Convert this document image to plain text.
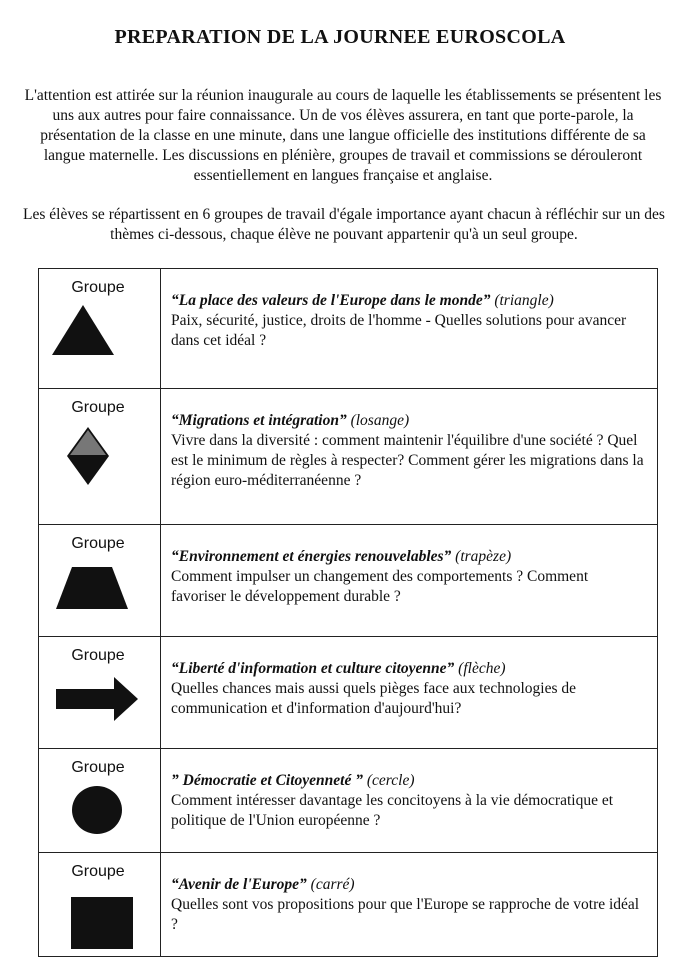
PREPARATION DE LA JOURNEE EUROSCOLA
L'attention est attirée sur la réunion inaugurale au cours de laquelle les établissements se présentent les uns aux autres pour faire connaissance. Un de vos élèves assurera, en tant que porte-parole, la présentation de la classe en une minute, dans une langue officielle des institutions différente de sa langue maternelle. Les discussions en plénière, groupes de travail et commissions se dérouleront essentiellement en langues française et anglaise.
Les élèves se répartissent en 6 groupes de travail d'égale importance ayant chacun à réfléchir sur un des thèmes ci-dessous, chaque élève ne pouvant appartenir qu'à un seul groupe.
Groupe
“La place des valeurs de l'Europe dans le monde” (triangle)
Paix, sécurité, justice, droits de l'homme - Quelles solutions pour avancer dans cet idéal ?
Groupe
“Migrations et intégration” (losange)
Vivre dans la diversité : comment maintenir l'équilibre d'une société ? Quel est le minimum de règles à respecter? Comment gérer les migrations dans la région euro-méditerranéenne ?
Groupe
“Environnement et énergies renouvelables” (trapèze)
Comment impulser un changement des comportements ? Comment favoriser le développement durable ?
Groupe
“Liberté d'information et culture citoyenne” (flèche)
Quelles chances mais aussi quels pièges face aux technologies de communication et d'information d'aujourd'hui?
Groupe
” Démocratie et Citoyenneté ” (cercle)
Comment intéresser davantage les concitoyens à la vie démocratique et politique de l'Union européenne ?
Groupe
“Avenir de l'Europe” (carré)
Quelles sont vos propositions pour que l'Europe se rapproche de votre idéal ?
